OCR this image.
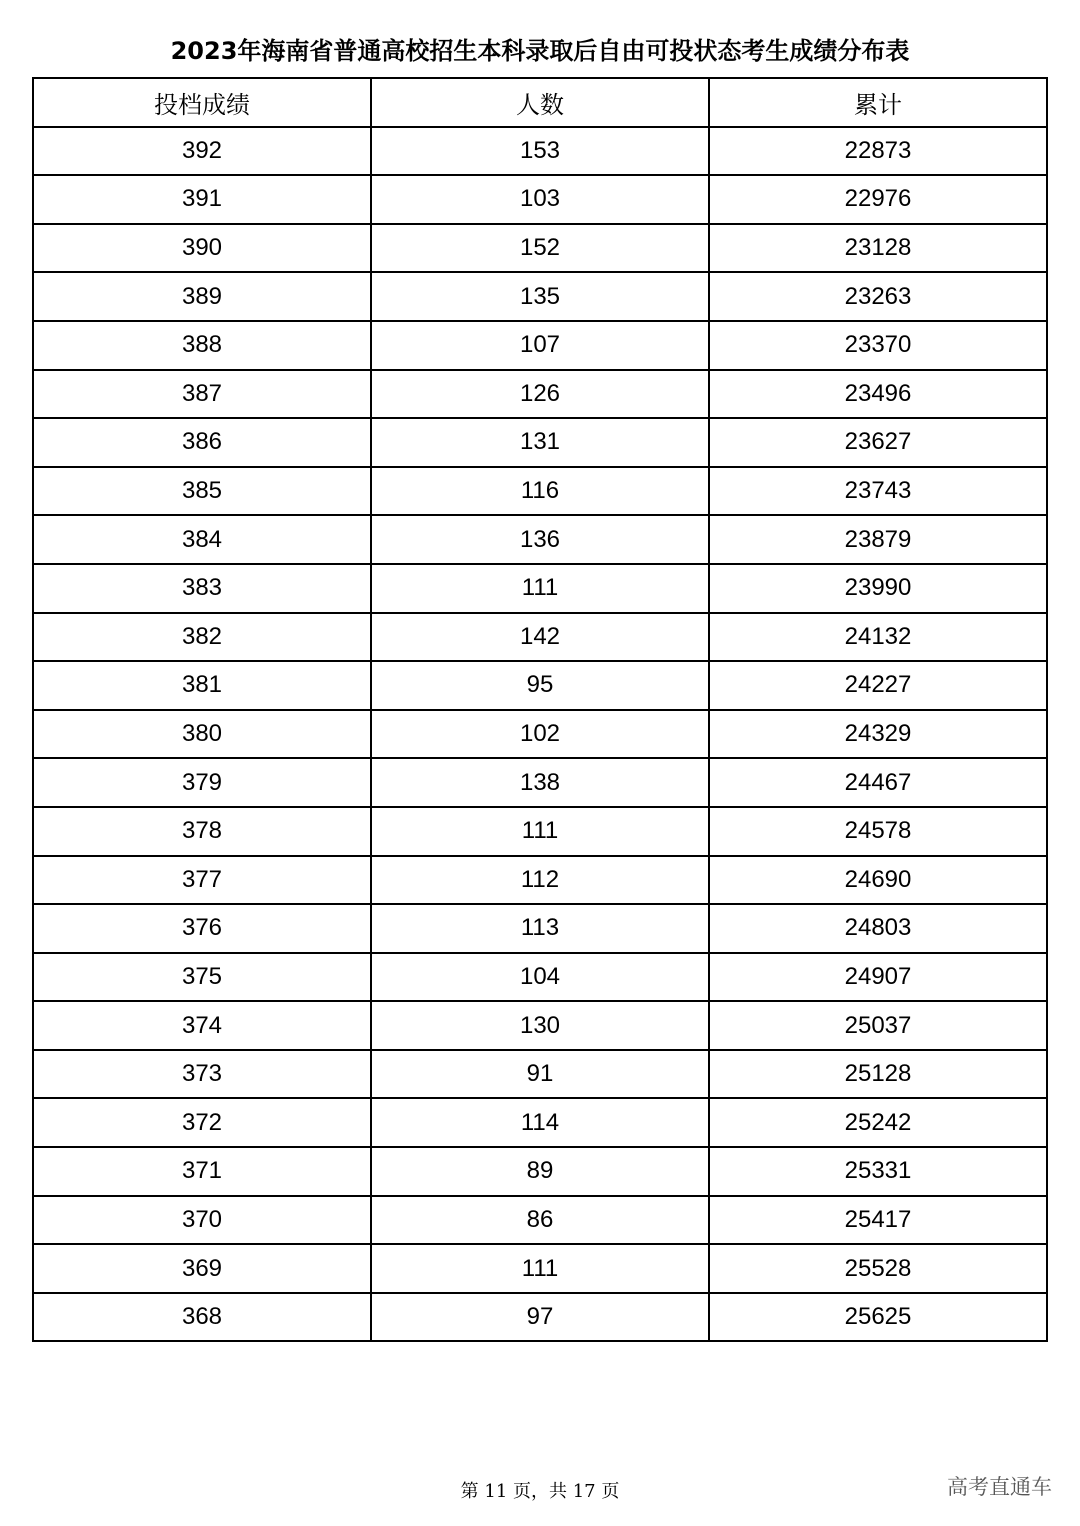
2023年海南省普通高校招生本科录取后自由可投状态考生成绩分布表
投档成绩	人数	累计
392	153	22873
391	103	22976
390	152	23128
389	135	23263
388	107	23370
387	126	23496
386	131	23627
385	116	23743
384	136	23879
383	111	23990
382	142	24132
381	95	24227
380	102	24329
379	138	24467
378	111	24578
377	112	24690
376	113	24803
375	104	24907
374	130	25037
373	91	25128
372	114	25242
371	89	25331
370	86	25417
369	111	25528
368	97	25625
第 11 页，共 17 页	高考直通车
